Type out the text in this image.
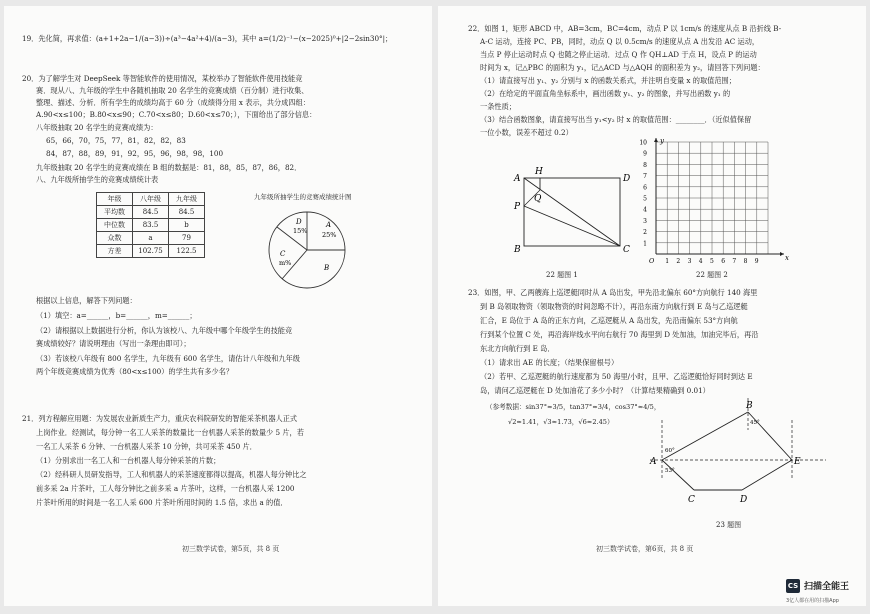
19．先化简，再求值：(a+1+2a−1/(a−3))÷(a³−4a²+4)/(a−3)，其中 a=(1/2)⁻¹−(x−2025)⁰+|2−2sin30°|；
20．为了解学生对 DeepSeek 等智能软件的使用情况，某校举办了智能软件使用技能竞
赛．现从八、九年级的学生中各随机抽取 20 名学生的竞赛成绩（百分制）进行收集、
整理、描述、分析．所有学生的成绩均高于 60 分（成绩得分用 x 表示，共分成四组：
A.90<x≤100；B.80<x≤90；C.70<x≤80；D.60<x≤70；），下面给出了部分信息：
八年级抽取 20 名学生的竞赛成绩为：
65，66，70，75，77，81，82，82，83
84，87，88，89，91，92，95，96，98，98，100
九年级抽取 20 名学生的竞赛成绩在 B 组的数据是：81，88，85，87，86，82．
八、九年级所抽学生的竞赛成绩统计表
年级	八年级	九年级
平均数	84.5	84.5
中位数	83.5	b
众数	a	79
方差	102.75	122.5
九年级所抽学生的竞赛成绩统计图
A
25%
B
C
m%
D
15%
根据以上信息，解答下列问题：
（1）填空：a=______，b=______，m=______；
（2）请根据以上数据进行分析，你认为该校八、九年级中哪个年级学生的技能竞
赛成绩较好？请说明理由（写出一条理由即可）；
（3）若该校八年级有 800 名学生，九年级有 600 名学生，请估计八年级和九年级
两个年级竞赛成绩为优秀（80<x≤100）的学生共有多少名？
21．列方程解应用题：为发展农业新质生产力，重庆农科院研发的智能采茶机器人正式
上岗作业．经测试，每分钟一名工人采茶的数量比一台机器人采茶的数量少 5 片，若
一名工人采茶 6 分钟、一台机器人采茶 10 分钟，共可采茶 450 片．
（1）分别求出一名工人和一台机器人每分钟采茶的片数；
（2）经科研人员研发指导，工人和机器人的采茶速度都得以提高，机器人每分钟比之
前多采 2a 片茶叶，工人每分钟比之前多采 a 片茶叶，这样，一台机器人采 1200
片茶叶所用的时间是一名工人采 600 片茶叶所用时间的 1.5 倍，求出 a 的值．
初三数学试卷，第5页，共 8 页
22．如图 1，矩形 ABCD 中，AB=3cm，BC=4cm，动点 P 以 1cm/s 的速度从点 B 沿折线 B-
A-C 运动，连接 PC、PB，同时，动点 Q 以 0.5cm/s 的速度从点 A 出发沿 AC 运动，
当点 P 停止运动时点 Q 也随之停止运动．过点 Q 作 QH⊥AD 于点 H，设点 P 的运动
时间为 x，记△PBC 的面积为 y₁，记△ACD 与△AQH 的面积差为 y₂，请回答下列问题：
（1）请直接写出 y₁、y₂ 分别与 x 的函数关系式，并注明自变量 x 的取值范围；
（2）在给定的平面直角坐标系中，画出函数 y₁、y₂ 的图象，并写出函数 y₁ 的
一条性质；
（3）结合函数图象，请直接写出当 y₁<y₂ 时 x 的取值范围：________．（近似值保留
一位小数，误差不超过 0.2）
A
H
D
Q
P
B	C
22 题图 1
y
x
O
1
2
3
4
5
6
7
8
9
10
1 2 3 4 5 6 7 8 9
22 题图 2
23．如图，甲、乙两艘海上巡逻艇同时从 A 岛出发，甲先沿北偏东 60°方向航行 140 海里
到 B 岛领取物资（领取物资的时间忽略不计），再沿东南方向航行到 E 岛与乙巡逻艇
汇合，E 岛位于 A 岛的正东方向，乙巡逻艇从 A 岛出发，先沿南偏东 53°方向航
行到某个位置 C 处，再沿海岸线水平向右航行 70 海里到 D 处加油，加油完毕后，再沿
东北方向航行到 E 岛．
（1）请求出 AE 的长度；（结果保留根号）
（2）若甲、乙巡逻艇的航行速度都为 50 海里/小时，且甲、乙巡逻艇恰好同时到达 E
岛，请问乙巡逻艇在 D 处加油花了多少小时？（计算结果精确到 0.01）
（参考数据：sin37°≈3/5，tan37°≈3/4，cos37°≈4/5，
√2≈1.41，√3≈1.73，√6≈2.45）
A
B
C	D
E
60°
53°
45°
23 题图
初三数学试卷，第6页，共 8 页
CS 扫描全能王
3亿人都在用的扫描App
